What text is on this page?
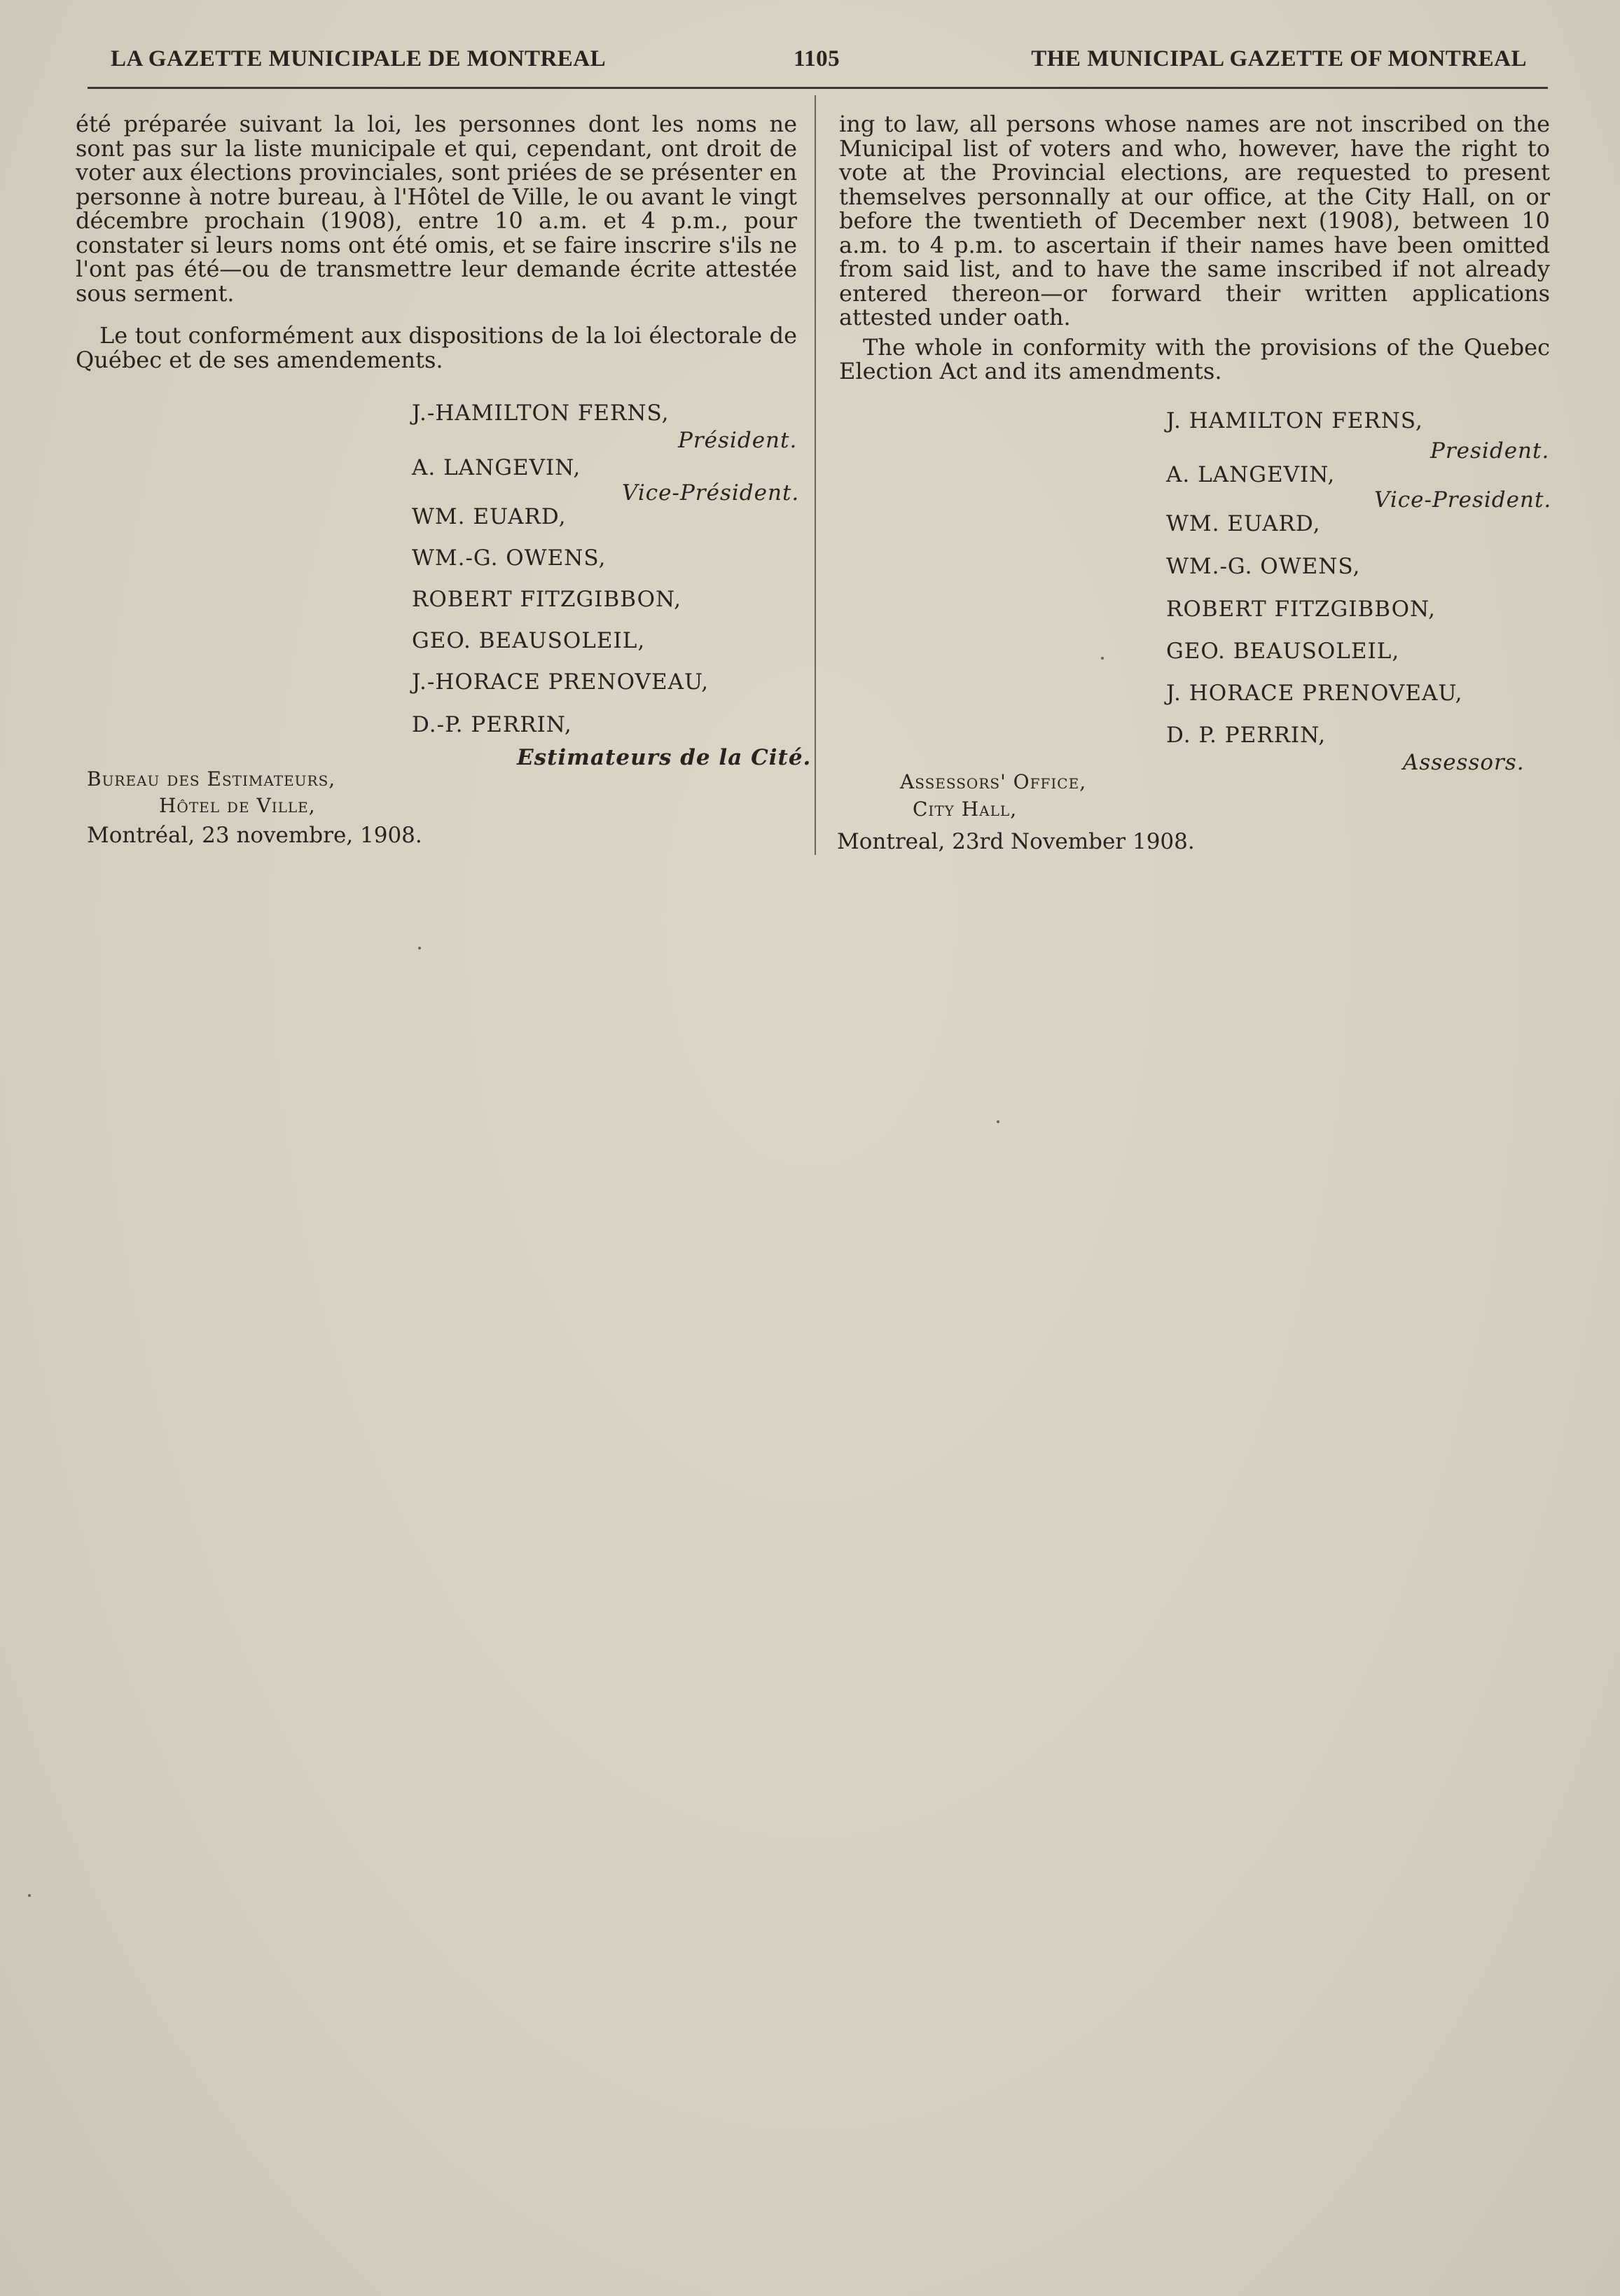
LA GAZETTE MUNICIPALE DE MONTREAL	1105	THE MUNICIPAL GAZETTE OF MONTREAL

été préparée suivant la loi, les personnes dont les noms ne sont pas sur la liste municipale et qui, cependant, ont droit de voter aux élections provinciales, sont priées de se présenter en personne à notre bureau, à l'Hôtel de Ville, le ou avant le vingt décembre prochain (1908), entre 10 a.m. et 4 p.m., pour constater si leurs noms ont été omis, et se faire inscrire s'ils ne l'ont pas été—ou de transmettre leur demande écrite attestée sous serment.

Le tout conformément aux dispositions de la loi électorale de Québec et de ses amendements.

J.-HAMILTON FERNS,
Président.
A. LANGEVIN,
Vice-Président.
WM. EUARD,
WM.-G. OWENS,
ROBERT FITZGIBBON,
GEO. BEAUSOLEIL,
J.-HORACE PRENOVEAU,
D.-P. PERRIN,
Estimateurs de la Cité.
Bureau des Estimateurs,
Hôtel de Ville,
Montréal, 23 novembre, 1908.

ing to law, all persons whose names are not inscribed on the Municipal list of voters and who, however, have the right to vote at the Provincial elections, are requested to present themselves personnally at our office, at the City Hall, on or before the twentieth of December next (1908), between 10 a.m. to 4 p.m. to ascertain if their names have been omitted from said list, and to have the same inscribed if not already entered thereon—or forward their written applications attested under oath.

The whole in conformity with the provisions of the Quebec Election Act and its amendments.

J. HAMILTON FERNS,
President.
A. LANGEVIN,
Vice-President.
WM. EUARD,
WM.-G. OWENS,
ROBERT FITZGIBBON,
GEO. BEAUSOLEIL,
J. HORACE PRENOVEAU,
D. P. PERRIN,
Assessors.
Assessors' Office,
City Hall,
Montreal, 23rd November 1908.
